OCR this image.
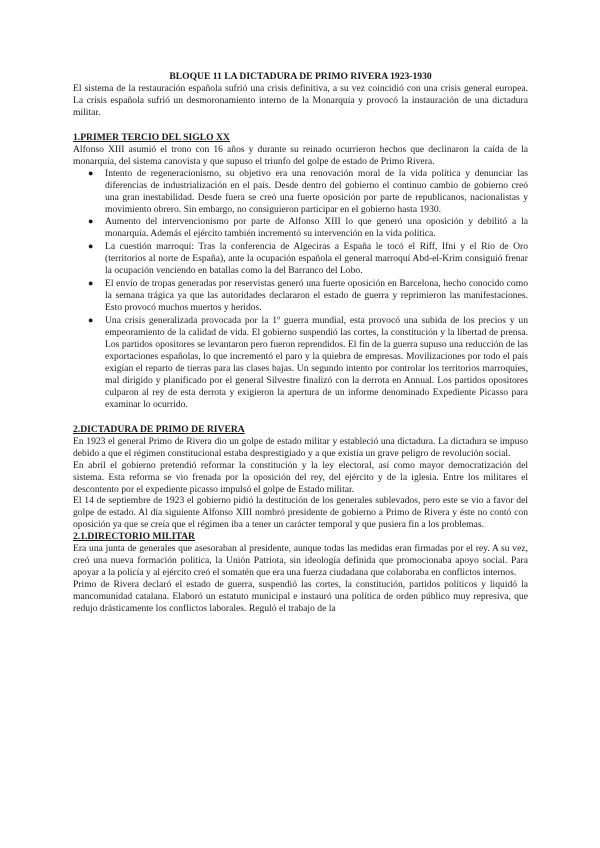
BLOQUE 11 LA DICTADURA DE PRIMO RIVERA 1923-1930

El sistema de la restauración española sufrió una crisis definitiva, a su vez coincidió con una crisis general europea. La crisis española sufrió un desmoronamiento interno de la Monarquía y provocó la instauración de una dictadura militar.

1.PRIMER TERCIO DEL SIGLO XX

Alfonso XIII asumió el trono con 16 años y durante su reinado ocurrieron hechos que declinaron la caída de la monarquía, del sistema canovista y que supuso el triunfo del golpe de estado de Primo Rivera.

● Intento de regeneracionismo, su objetivo era una renovación moral de la vida política y denunciar las diferencias de industrialización en el país. Desde dentro del gobierno el continuo cambio de gobierno creó una gran inestabilidad. Desde fuera se creó una fuerte oposición por parte de republicanos, nacionalistas y movimiento obrero. Sin embargo, no consiguieron participar en el gobierno hasta 1930.
● Aumento del intervencionismo por parte de Alfonso XIII lo que generó una oposición y debilitó a la monarquía. Además el ejército también incrementó su intervención en la vida política.
● La cuestión marroquí: Tras la conferencia de Algeciras a España le tocó el Riff, Ifni y el Río de Oro (territorios al norte de España), ante la ocupación española el general marroquí Abd-el-Krim consiguió frenar la ocupación venciendo en batallas como la del Barranco del Lobo.
● El envío de tropas generadas por reservistas generó una fuerte oposición en Barcelona, hecho conocido como la semana trágica ya que las autoridades declararon el estado de guerra y reprimieron las manifestaciones. Esto provocó muchos muertos y heridos.
● Una crisis generalizada provocada por la 1º guerra mundial, esta provocó una subida de los precios y un empeoramiento de la calidad de vida. El gobierno suspendió las cortes, la constitución y la libertad de prensa. Los partidos opositores se levantaron pero fueron reprendidos. El fin de la guerra supuso una reducción de las exportaciones españolas, lo que incrementó el paro y la quiebra de empresas. Movilizaciones por todo el país exigían el reparto de tierras para las clases bajas. Un segundo intento por controlar los territorios marroquíes, mal dirigido y planificado por el general Silvestre finalizó con la derrota en Annual. Los partidos opositores culparon al rey de esta derrota y exigieron la apertura de un informe denominado Expediente Picasso para examinar lo ocurrido.

2.DICTADURA DE PRIMO DE RIVERA

En 1923 el general Primo de Rivera dio un golpe de estado militar y estableció una dictadura. La dictadura se impuso debido a que el régimen constitucional estaba desprestigiado y a que existía un grave peligro de revolución social.

En abril el gobierno pretendió reformar la constitución y la ley electoral, así como mayor democratización del sistema. Esta reforma se vio frenada por la oposición del rey, del ejército y de la iglesia. Entre los militares el descontento por el expediente picasso impulsó el golpe de Estado militar.

El 14 de septiembre de 1923 el gobierno pidió la destitución de los generales sublevados, pero este se vio a favor del golpe de estado. Al día siguiente Alfonso XIII nombró presidente de gobierno a Primo de Rivera y éste no contó con oposición ya que se creía que el régimen iba a tener un carácter temporal y que pusiera fin a los problemas.

2.1.DIRECTORIO MILITAR

Era una junta de generales que asesoraban al presidente, aunque todas las medidas eran firmadas por el rey. A su vez, creó una nueva formación política, la Unión Patriota, sin ideología definida que promocionaba apoyo social. Para apoyar a la policía y al ejército creó el somatén que era una fuerza ciudadana que colaboraba en conflictos internos.

Primo de Rivera declaró el estado de guerra, suspendió las cortes, la constitución, partidos políticos y liquidó la mancomunidad catalana. Elaboró un estatuto municipal e instauró una política de orden público muy represiva, que redujo drásticamente los conflictos laborales. Reguló el trabajo de la
